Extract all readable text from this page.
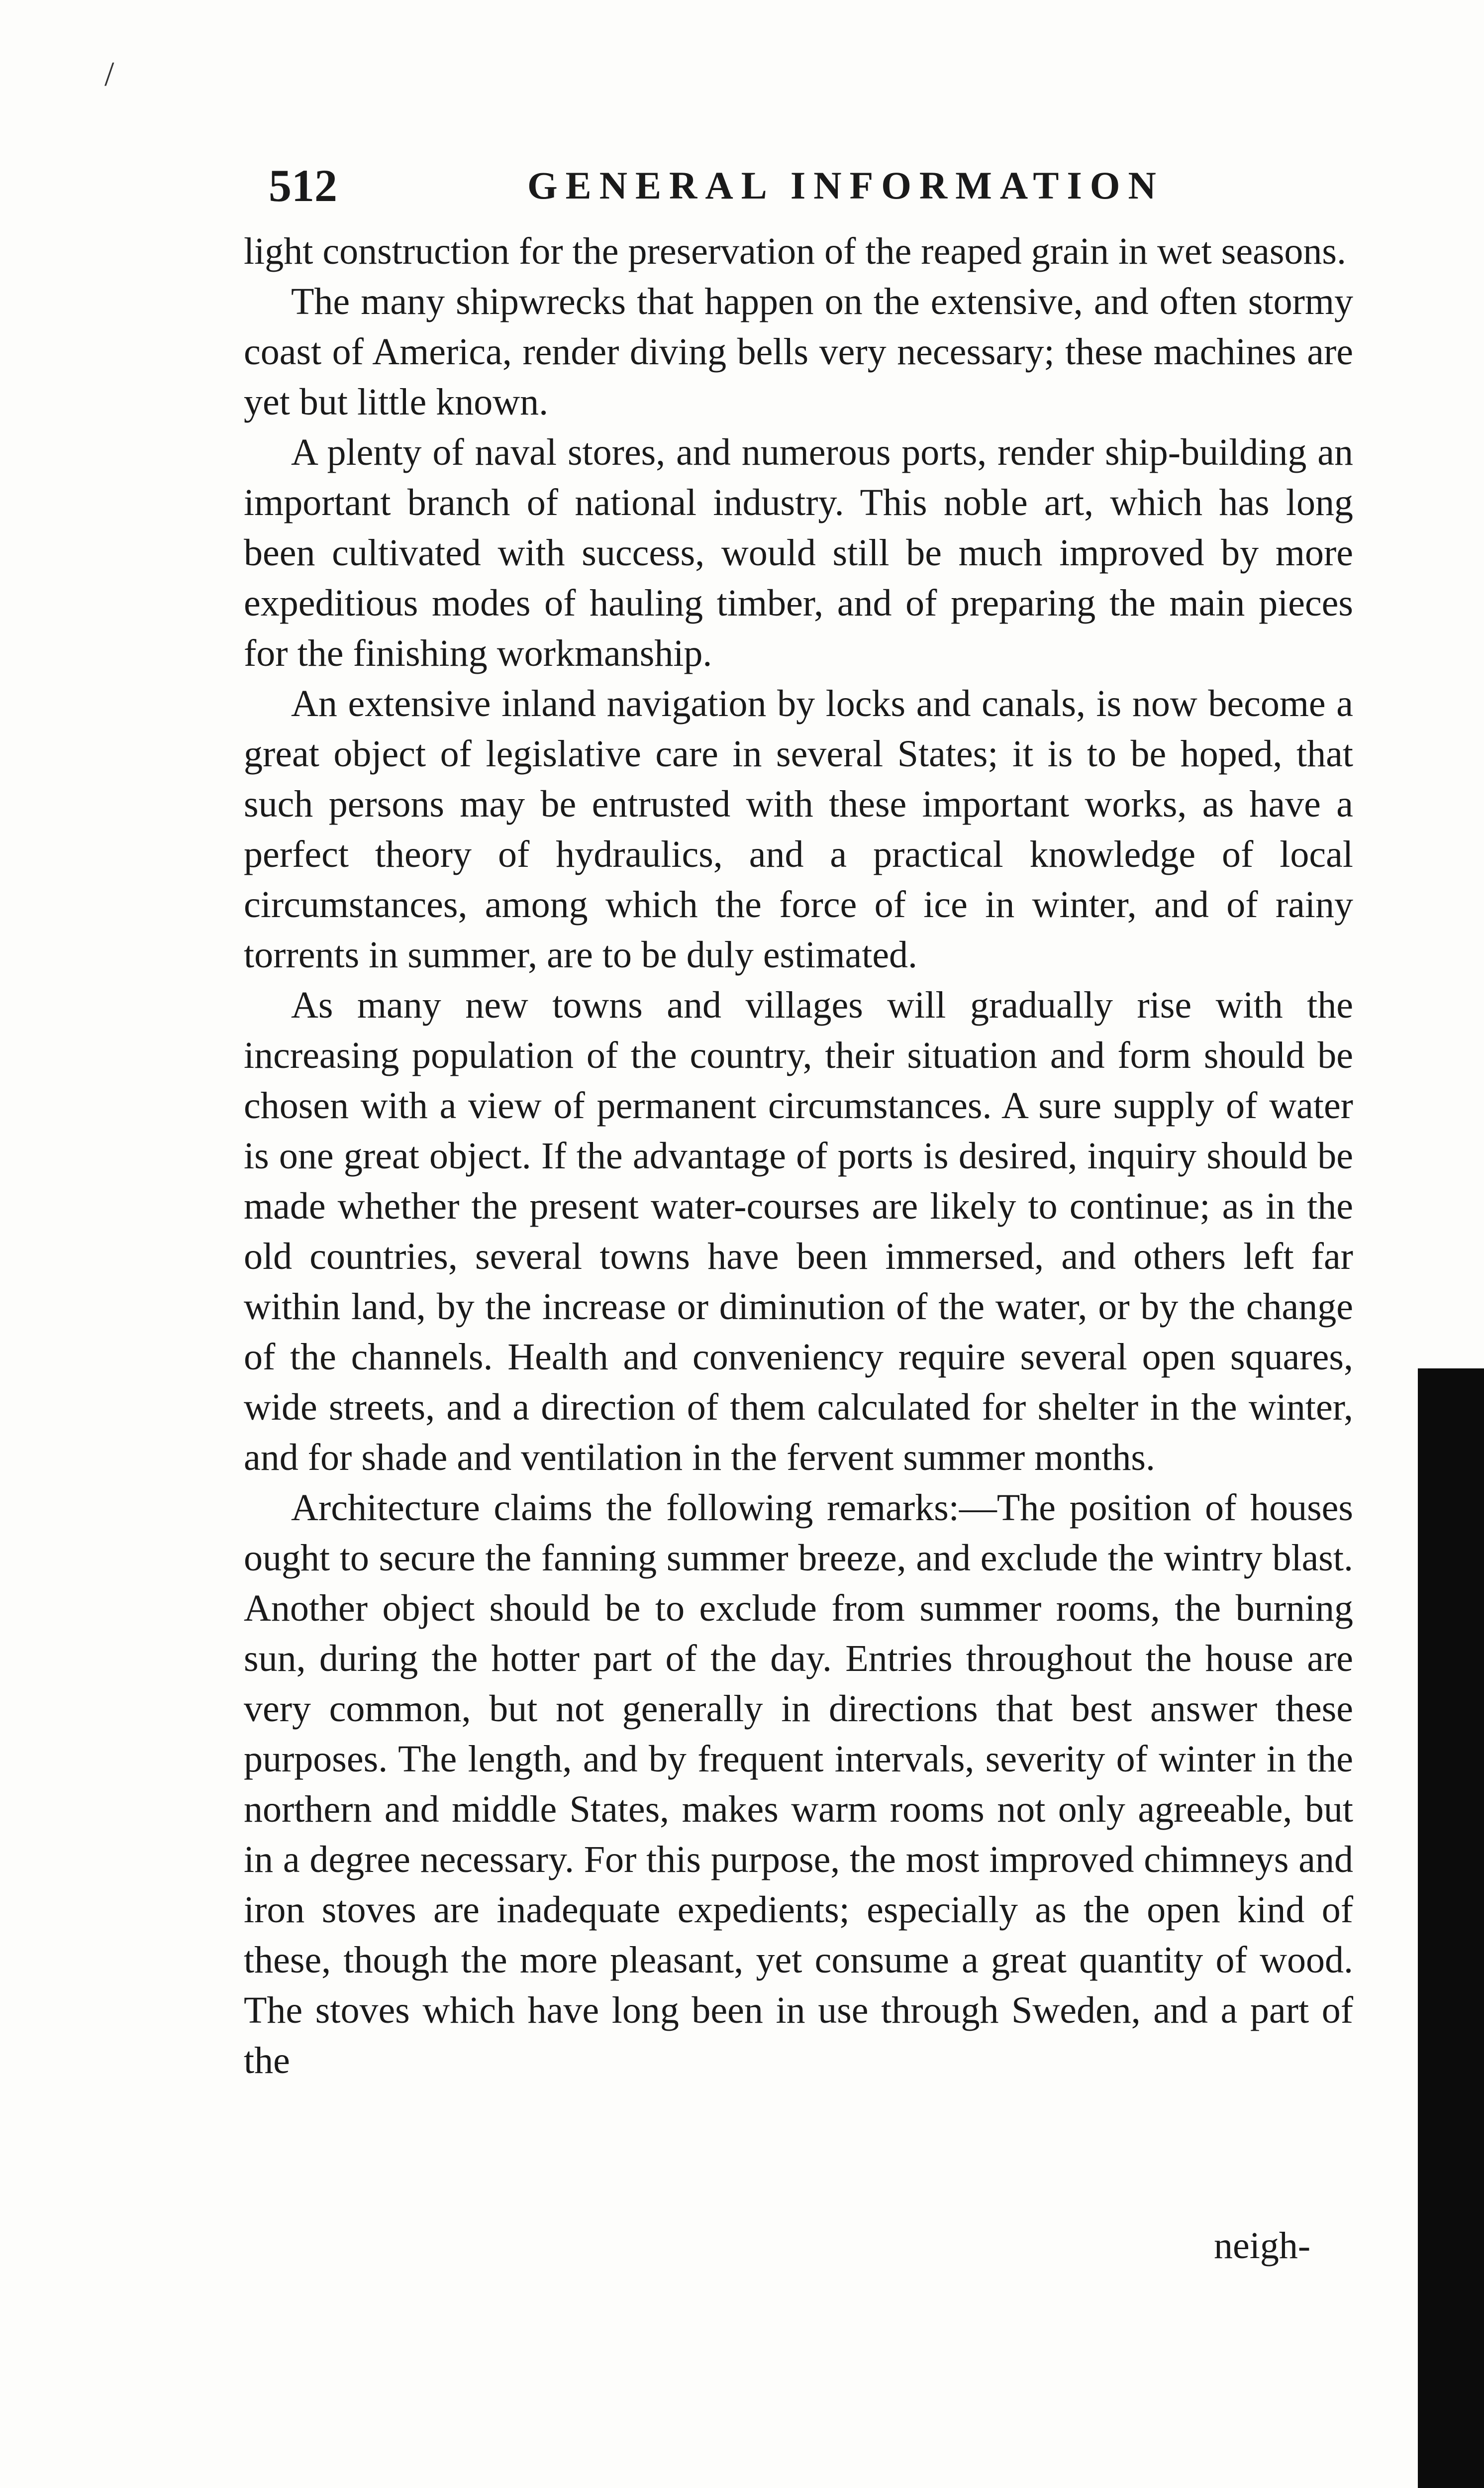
/
512	GENERAL INFORMATION

light construction for the preservation of the reaped grain in wet seasons.

The many shipwrecks that happen on the extensive, and often stormy coast of America, render diving bells very necessary; these machines are yet but little known.

A plenty of naval stores, and numerous ports, render ship-building an important branch of national industry. This noble art, which has long been cultivated with success, would still be much improved by more expeditious modes of hauling timber, and of preparing the main pieces for the finishing workmanship.

An extensive inland navigation by locks and canals, is now become a great object of legislative care in several States; it is to be hoped, that such persons may be entrusted with these important works, as have a perfect theory of hydraulics, and a practical knowledge of local circumstances, among which the force of ice in winter, and of rainy torrents in summer, are to be duly estimated.

As many new towns and villages will gradually rise with the increasing population of the country, their situation and form should be chosen with a view of permanent circumstances. A sure supply of water is one great object. If the advantage of ports is desired, inquiry should be made whether the present water-courses are likely to continue; as in the old countries, several towns have been immersed, and others left far within land, by the increase or diminution of the water, or by the change of the channels. Health and conveniency require several open squares, wide streets, and a direction of them calculated for shelter in the winter, and for shade and ventilation in the fervent summer months.

Architecture claims the following remarks:—The position of houses ought to secure the fanning summer breeze, and exclude the wintry blast. Another object should be to exclude from summer rooms, the burning sun, during the hotter part of the day. Entries throughout the house are very common, but not generally in directions that best answer these purposes. The length, and by frequent intervals, severity of winter in the northern and middle States, makes warm rooms not only agreeable, but in a degree necessary. For this purpose, the most improved chimneys and iron stoves are inadequate expedients; especially as the open kind of these, though the more pleasant, yet consume a great quantity of wood. The stoves which have long been in use through Sweden, and a part of the

neigh-
